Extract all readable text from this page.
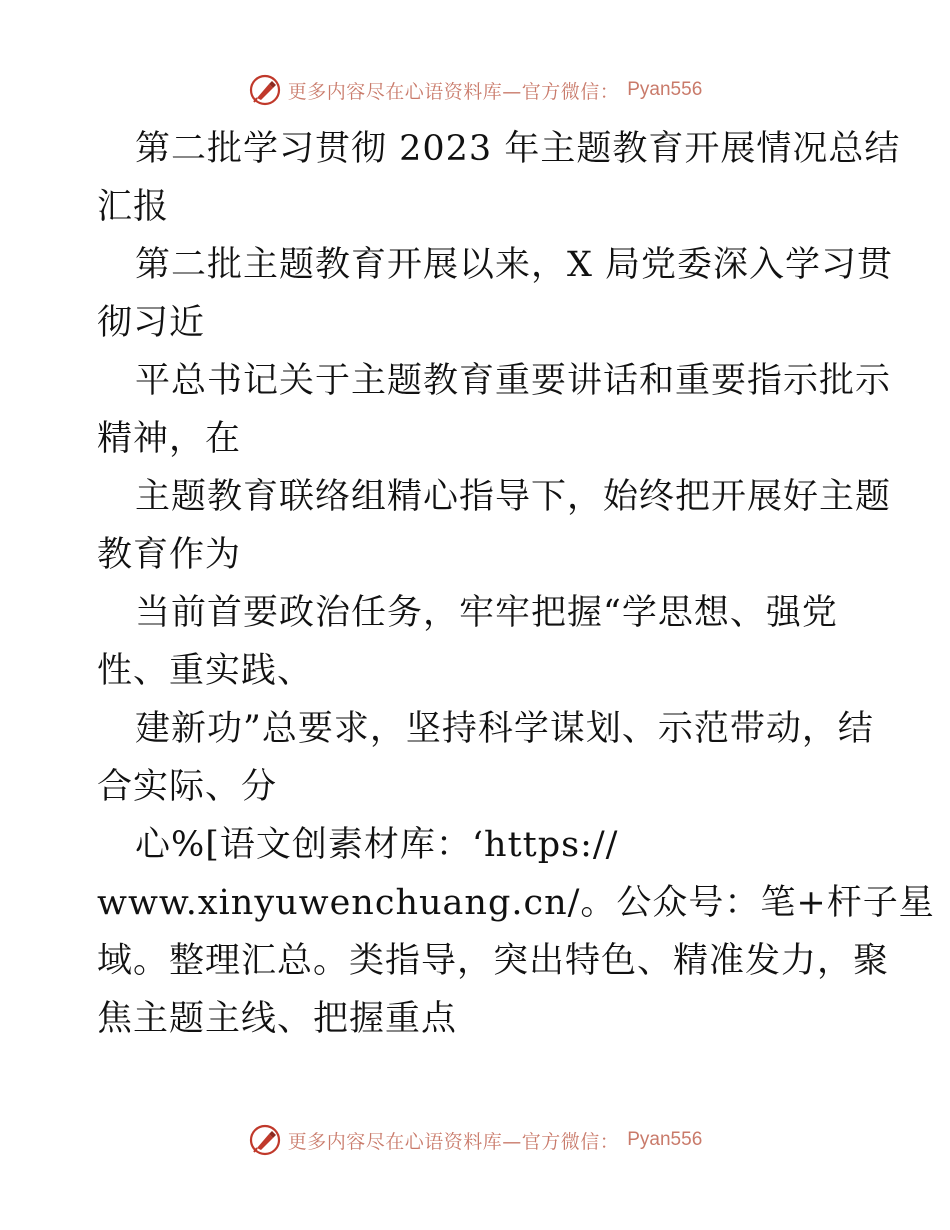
更多内容尽在心语资料库—官方微信： Pyan556
第二批学习贯彻 2023 年主题教育开展情况总结
汇报
第二批主题教育开展以来，X 局党委深入学习贯
彻习近
平总书记关于主题教育重要讲话和重要指示批示
精神，在
主题教育联络组精心指导下，始终把开展好主题
教育作为
当前首要政治任务，牢牢把握“学思想、强党
性、重实践、
建新功”总要求，坚持科学谋划、示范带动，结
合实际、分
心%[语文创素材库：‘https://
www.xinyuwenchuang.cn/。公众号：笔+杆子星
域。整理汇总。类指导，突出特色、精准发力，聚
焦主题主线、把握重点
更多内容尽在心语资料库—官方微信： Pyan556
